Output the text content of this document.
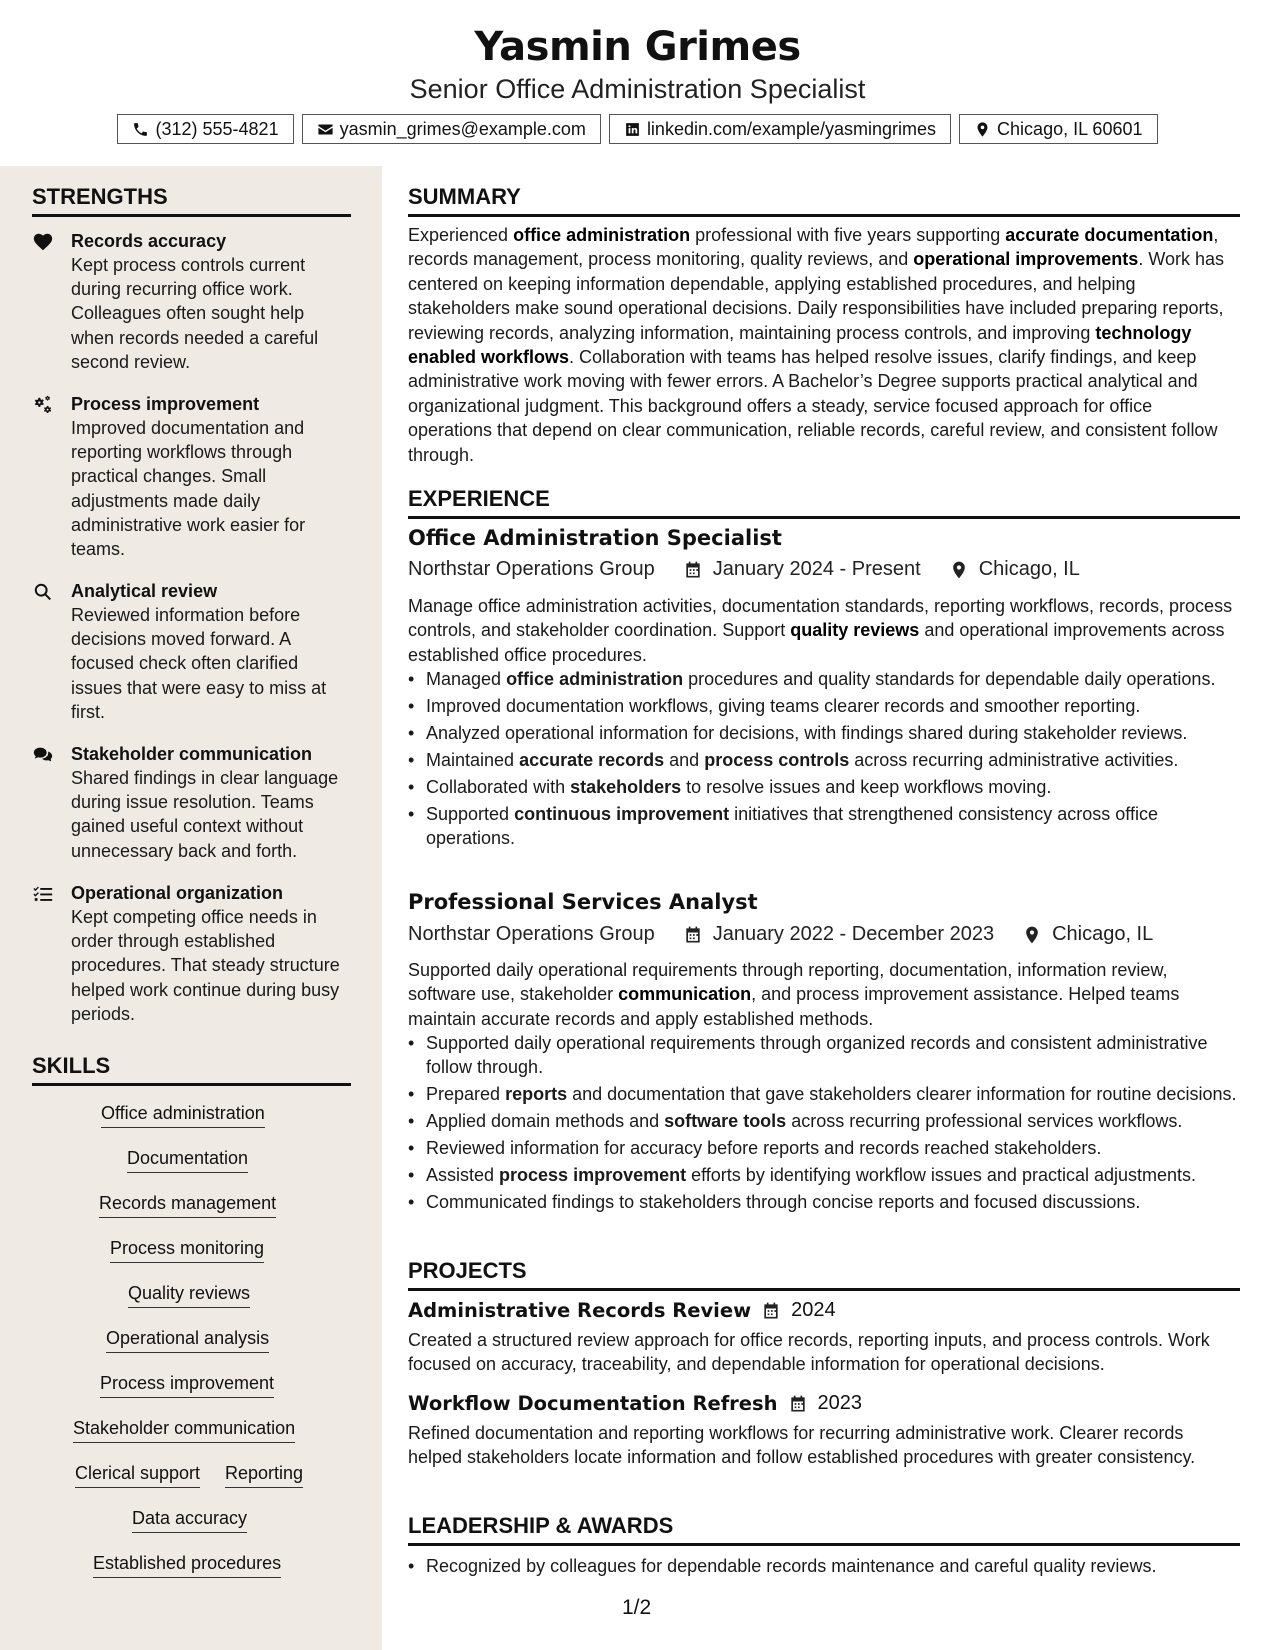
Yasmin Grimes
Senior Office Administration Specialist
(312) 555-4821	yasmin_grimes@example.com	linkedin.com/example/yasmingrimes	Chicago, IL 60601
STRENGTHS
Records accuracy
Kept process controls current during recurring office work. Colleagues often sought help when records needed a careful second review.
Process improvement
Improved documentation and reporting workflows through practical changes. Small adjustments made daily administrative work easier for teams.
Analytical review
Reviewed information before decisions moved forward. A focused check often clarified issues that were easy to miss at first.
Stakeholder communication
Shared findings in clear language during issue resolution. Teams gained useful context without unnecessary back and forth.
Operational organization
Kept competing office needs in order through established procedures. That steady structure helped work continue during busy periods.
SKILLS
Office administration
Documentation
Records management
Process monitoring
Quality reviews
Operational analysis
Process improvement
Stakeholder communication
Clerical support Reporting
Data accuracy
Established procedures
SUMMARY
Experienced office administration professional with five years supporting accurate documentation, records management, process monitoring, quality reviews, and operational improvements. Work has centered on keeping information dependable, applying established procedures, and helping stakeholders make sound operational decisions. Daily responsibilities have included preparing reports, reviewing records, analyzing information, maintaining process controls, and improving technology enabled workflows. Collaboration with teams has helped resolve issues, clarify findings, and keep administrative work moving with fewer errors. A Bachelor’s Degree supports practical analytical and organizational judgment. This background offers a steady, service focused approach for office operations that depend on clear communication, reliable records, careful review, and consistent follow through.
EXPERIENCE
Office Administration Specialist
Northstar Operations Group	January 2024 - Present	Chicago, IL
Manage office administration activities, documentation standards, reporting workflows, records, process controls, and stakeholder coordination. Support quality reviews and operational improvements across established office procedures.
• Managed office administration procedures and quality standards for dependable daily operations.
• Improved documentation workflows, giving teams clearer records and smoother reporting.
• Analyzed operational information for decisions, with findings shared during stakeholder reviews.
• Maintained accurate records and process controls across recurring administrative activities.
• Collaborated with stakeholders to resolve issues and keep workflows moving.
• Supported continuous improvement initiatives that strengthened consistency across office operations.
Professional Services Analyst
Northstar Operations Group	January 2022 - December 2023	Chicago, IL
Supported daily operational requirements through reporting, documentation, information review, software use, stakeholder communication, and process improvement assistance. Helped teams maintain accurate records and apply established methods.
• Supported daily operational requirements through organized records and consistent administrative follow through.
• Prepared reports and documentation that gave stakeholders clearer information for routine decisions.
• Applied domain methods and software tools across recurring professional services workflows.
• Reviewed information for accuracy before reports and records reached stakeholders.
• Assisted process improvement efforts by identifying workflow issues and practical adjustments.
• Communicated findings to stakeholders through concise reports and focused discussions.
PROJECTS
Administrative Records Review 2024
Created a structured review approach for office records, reporting inputs, and process controls. Work focused on accuracy, traceability, and dependable information for operational decisions.
Workflow Documentation Refresh 2023
Refined documentation and reporting workflows for recurring administrative work. Clearer records helped stakeholders locate information and follow established procedures with greater consistency.
LEADERSHIP & AWARDS
• Recognized by colleagues for dependable records maintenance and careful quality reviews.
1/2
